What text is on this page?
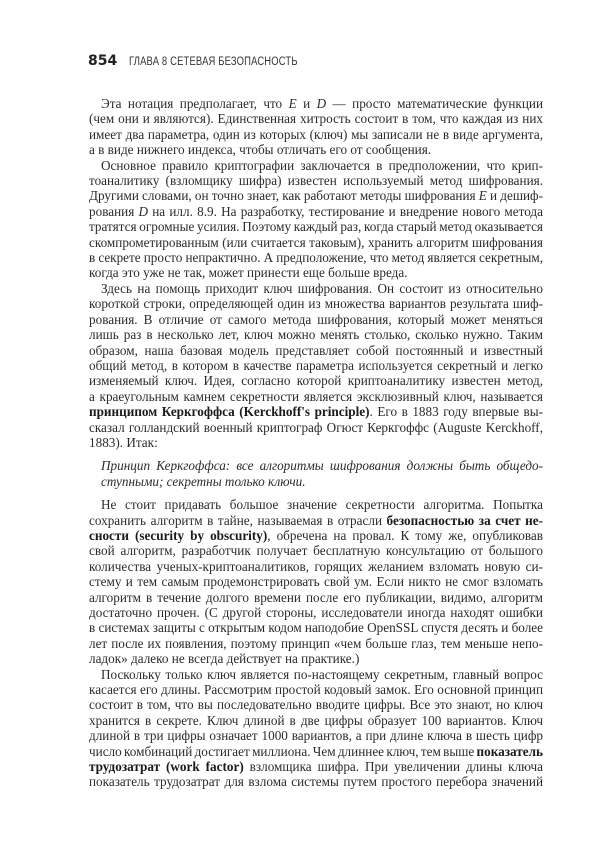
854 ГЛАВА 8 СЕТЕВАЯ БЕЗОПАСНОСТЬ
Эта нотация предполагает, что E и D — просто математические функции
(чем они и являются). Единственная хитрость состоит в том, что каждая из них
имеет два параметра, один из которых (ключ) мы записали не в виде аргумента,
а в виде нижнего индекса, чтобы отличать его от сообщения.
Основное правило криптографии заключается в предположении, что крип-
тоаналитику (взломщику шифра) известен используемый метод шифрования.
Другими словами, он точно знает, как работают методы шифрования E и дешиф-
рования D на илл. 8.9. На разработку, тестирование и внедрение нового метода
тратятся огромные усилия. Поэтому каждый раз, когда старый метод оказывается
скомпрометированным (или считается таковым), хранить алгоритм шифрования
в секрете просто непрактично. А предположение, что метод является секретным,
когда это уже не так, может принести еще больше вреда.
Здесь на помощь приходит ключ шифрования. Он состоит из относительно
короткой строки, определяющей один из множества вариантов результата шиф-
рования. В отличие от самого метода шифрования, который может меняться
лишь раз в несколько лет, ключ можно менять столько, сколько нужно. Таким
образом, наша базовая модель представляет собой постоянный и известный
общий метод, в котором в качестве параметра используется секретный и легко
изменяемый ключ. Идея, согласно которой криптоаналитику известен метод,
а краеугольным камнем секретности является эксклюзивный ключ, называется
принципом Керкгоффса (Kerckhoff's principle). Его в 1883 году впервые вы-
сказал голландский военный криптограф Огюст Керкгоффс (Auguste Kerckhoff,
1883). Итак:
Принцип Керкгоффса: все алгоритмы шифрования должны быть общедо-
ступными; секретны только ключи.
Не стоит придавать большое значение секретности алгоритма. Попытка
сохранить алгоритм в тайне, называемая в отрасли безопасностью за счет не-
сности (security by obscurity), обречена на провал. К тому же, опубликовав
свой алгоритм, разработчик получает бесплатную консультацию от большого
количества ученых-криптоаналитиков, горящих желанием взломать новую си-
стему и тем самым продемонстрировать свой ум. Если никто не смог взломать
алгоритм в течение долгого времени после его публикации, видимо, алгоритм
достаточно прочен. (С другой стороны, исследователи иногда находят ошибки
в системах защиты с открытым кодом наподобие OpenSSL спустя десять и более
лет после их появления, поэтому принцип «чем больше глаз, тем меньше непо-
ладок» далеко не всегда действует на практике.)
Поскольку только ключ является по-настоящему секретным, главный вопрос
касается его длины. Рассмотрим простой кодовый замок. Его основной принцип
состоит в том, что вы последовательно вводите цифры. Все это знают, но ключ
хранится в секрете. Ключ длиной в две цифры образует 100 вариантов. Ключ
длиной в три цифры означает 1000 вариантов, а при длине ключа в шесть цифр
число комбинаций достигает миллиона. Чем длиннее ключ, тем выше показатель
трудозатрат (work factor) взломщика шифра. При увеличении длины ключа
показатель трудозатрат для взлома системы путем простого перебора значений
